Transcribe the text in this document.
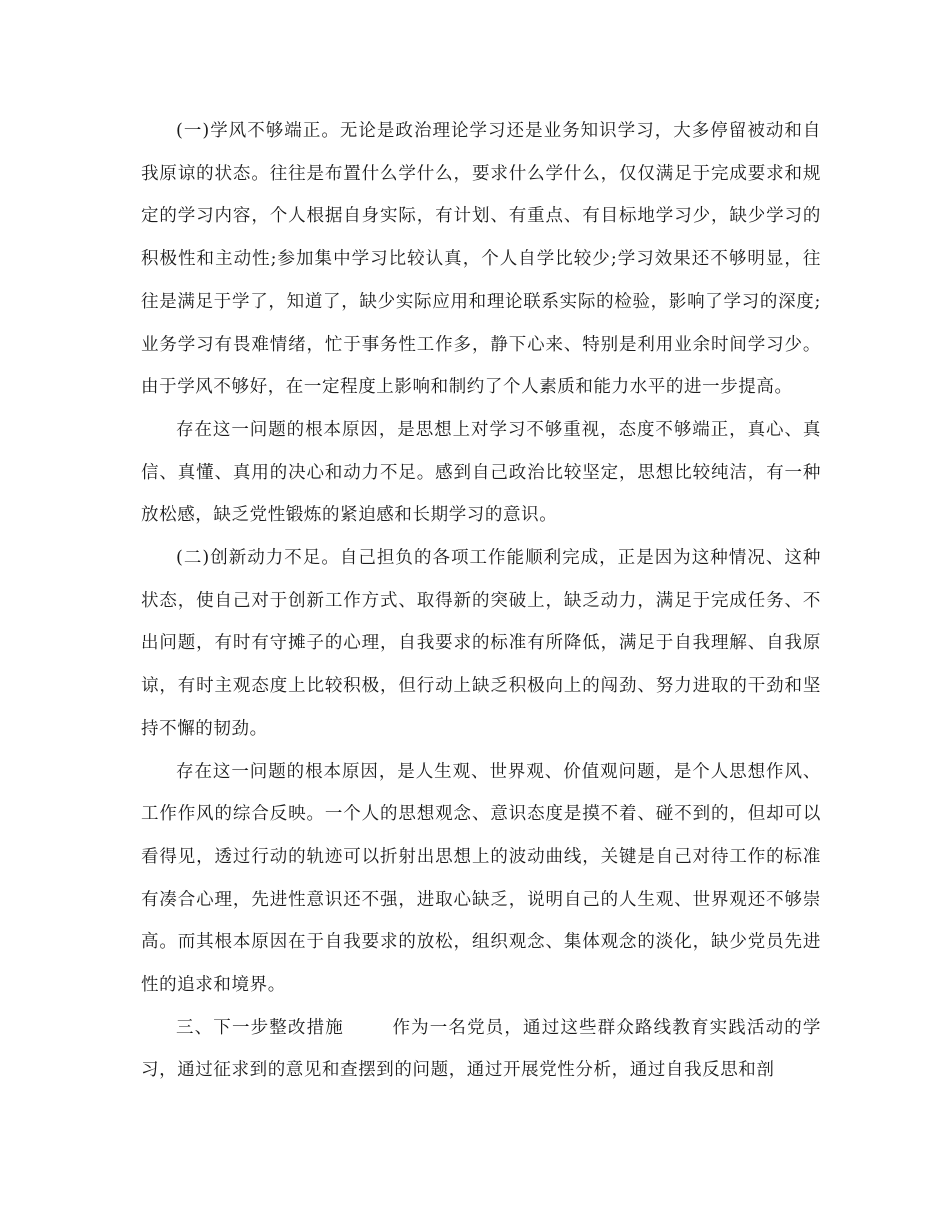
(一)学风不够端正。无论是政治理论学习还是业务知识学习，大多停留被动和自我原谅的状态。往往是布置什么学什么，要求什么学什么，仅仅满足于完成要求和规定的学习内容，个人根据自身实际，有计划、有重点、有目标地学习少，缺少学习的积极性和主动性;参加集中学习比较认真，个人自学比较少;学习效果还不够明显，往往是满足于学了，知道了，缺少实际应用和理论联系实际的检验，影响了学习的深度;业务学习有畏难情绪，忙于事务性工作多，静下心来、特别是利用业余时间学习少。由于学风不够好，在一定程度上影响和制约了个人素质和能力水平的进一步提高。

存在这一问题的根本原因，是思想上对学习不够重视，态度不够端正，真心、真信、真懂、真用的决心和动力不足。感到自己政治比较坚定，思想比较纯洁，有一种放松感，缺乏党性锻炼的紧迫感和长期学习的意识。

(二)创新动力不足。自己担负的各项工作能顺利完成，正是因为这种情况、这种状态，使自己对于创新工作方式、取得新的突破上，缺乏动力，满足于完成任务、不出问题，有时有守摊子的心理，自我要求的标准有所降低，满足于自我理解、自我原谅，有时主观态度上比较积极，但行动上缺乏积极向上的闯劲、努力进取的干劲和坚持不懈的韧劲。

存在这一问题的根本原因，是人生观、世界观、价值观问题，是个人思想作风、工作作风的综合反映。一个人的思想观念、意识态度是摸不着、碰不到的，但却可以看得见，透过行动的轨迹可以折射出思想上的波动曲线，关键是自己对待工作的标准有凑合心理，先进性意识还不强，进取心缺乏，说明自己的人生观、世界观还不够崇高。而其根本原因在于自我要求的放松，组织观念、集体观念的淡化，缺少党员先进性的追求和境界。

三、下一步整改措施	作为一名党员，通过这些群众路线教育实践活动的学习，通过征求到的意见和查摆到的问题，通过开展党性分析，通过自我反思和剖
